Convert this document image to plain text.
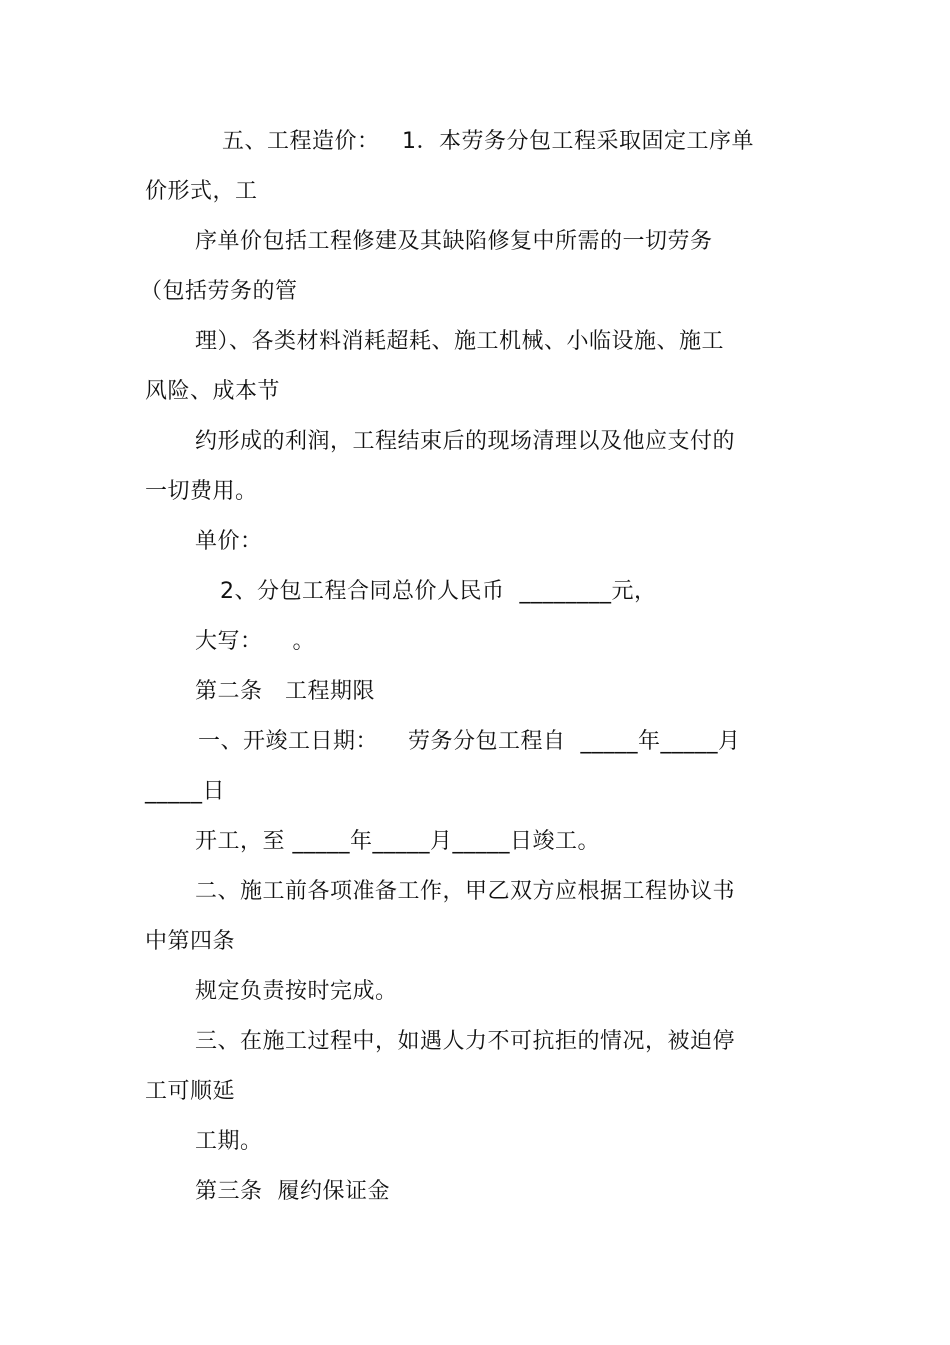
五、工程造价：   1．本劳务分包工程采取固定工序单
价形式，工
序单价包括工程修建及其缺陷修复中所需的一切劳务
（包括劳务的管
理）、各类材料消耗超耗、施工机械、小临设施、施工
风险、成本节
约形成的利润，工程结束后的现场清理以及他应支付的
一切费用。
单价：
2、分包工程合同总价人民币  ________元，
大写：    。
第二条   工程期限
一、开竣工日期：    劳务分包工程自  _____年_____月
_____日
开工，至 _____年_____月_____日竣工。
二、施工前各项准备工作，甲乙双方应根据工程协议书
中第四条
规定负责按时完成。
三、在施工过程中，如遇人力不可抗拒的情况，被迫停
工可顺延
工期。
第三条  履约保证金
